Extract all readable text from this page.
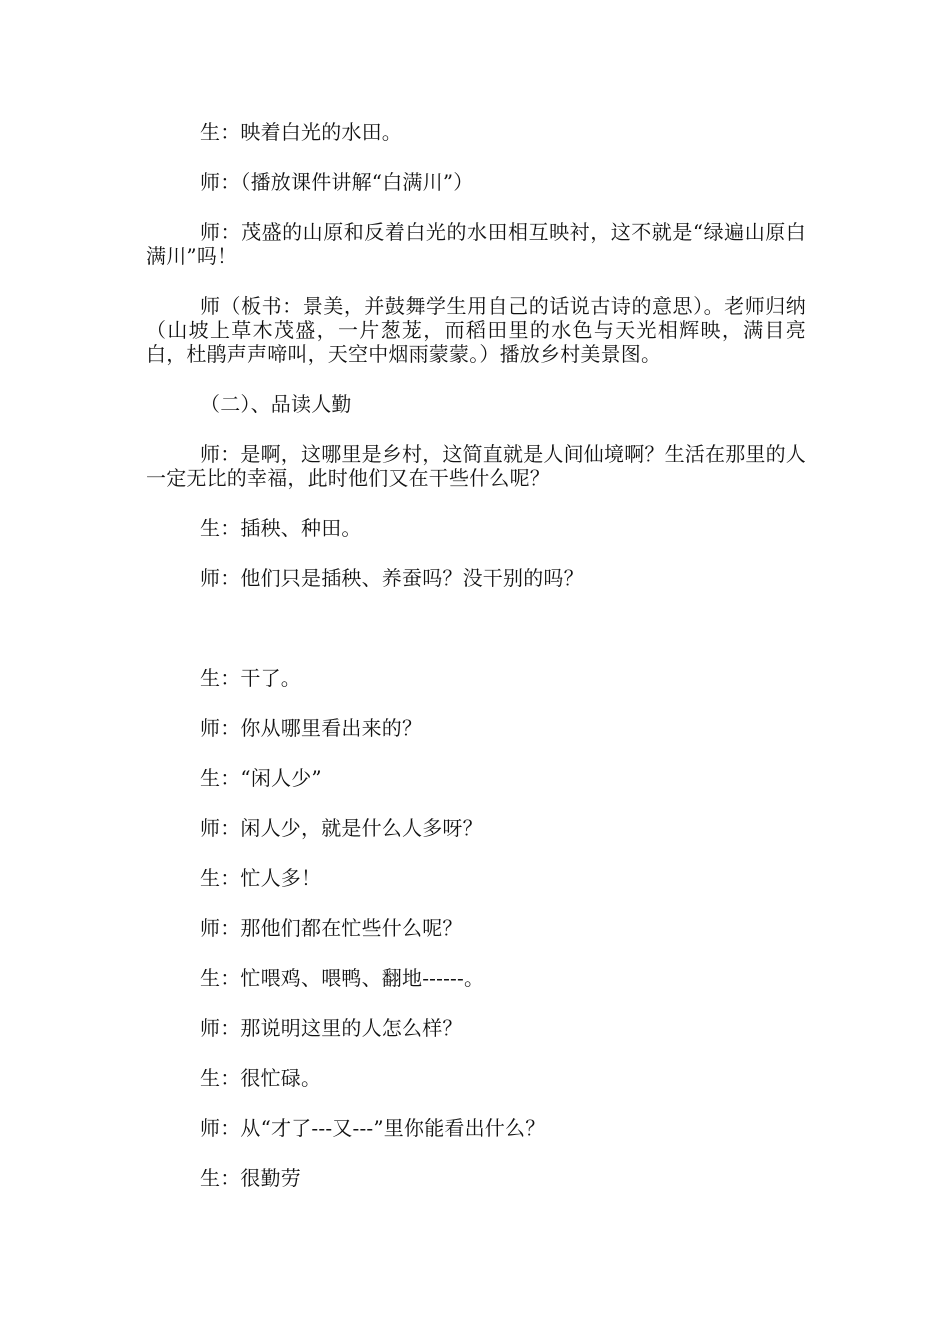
生：映着白光的水田。

师：（播放课件讲解“白满川”）

师：茂盛的山原和反着白光的水田相互映衬，这不就是“绿遍山原白满川”吗！

师（板书：景美，并鼓舞学生用自己的话说古诗的意思）。老师归纳（山坡上草木茂盛，一片葱茏，而稻田里的水色与天光相辉映，满目亮白，杜鹃声声啼叫，天空中烟雨蒙蒙。）播放乡村美景图。

（二）、品读人勤

师：是啊，这哪里是乡村，这简直就是人间仙境啊？生活在那里的人一定无比的幸福，此时他们又在干些什么呢？

生：插秧、种田。

师：他们只是插秧、养蚕吗？没干别的吗？

生：干了。

师：你从哪里看出来的？

生：“闲人少”

师：闲人少，就是什么人多呀？

生：忙人多！

师：那他们都在忙些什么呢？

生：忙喂鸡、喂鸭、翻地------。

师：那说明这里的人怎么样？

生：很忙碌。

师：从“才了---又---”里你能看出什么？

生：很勤劳
